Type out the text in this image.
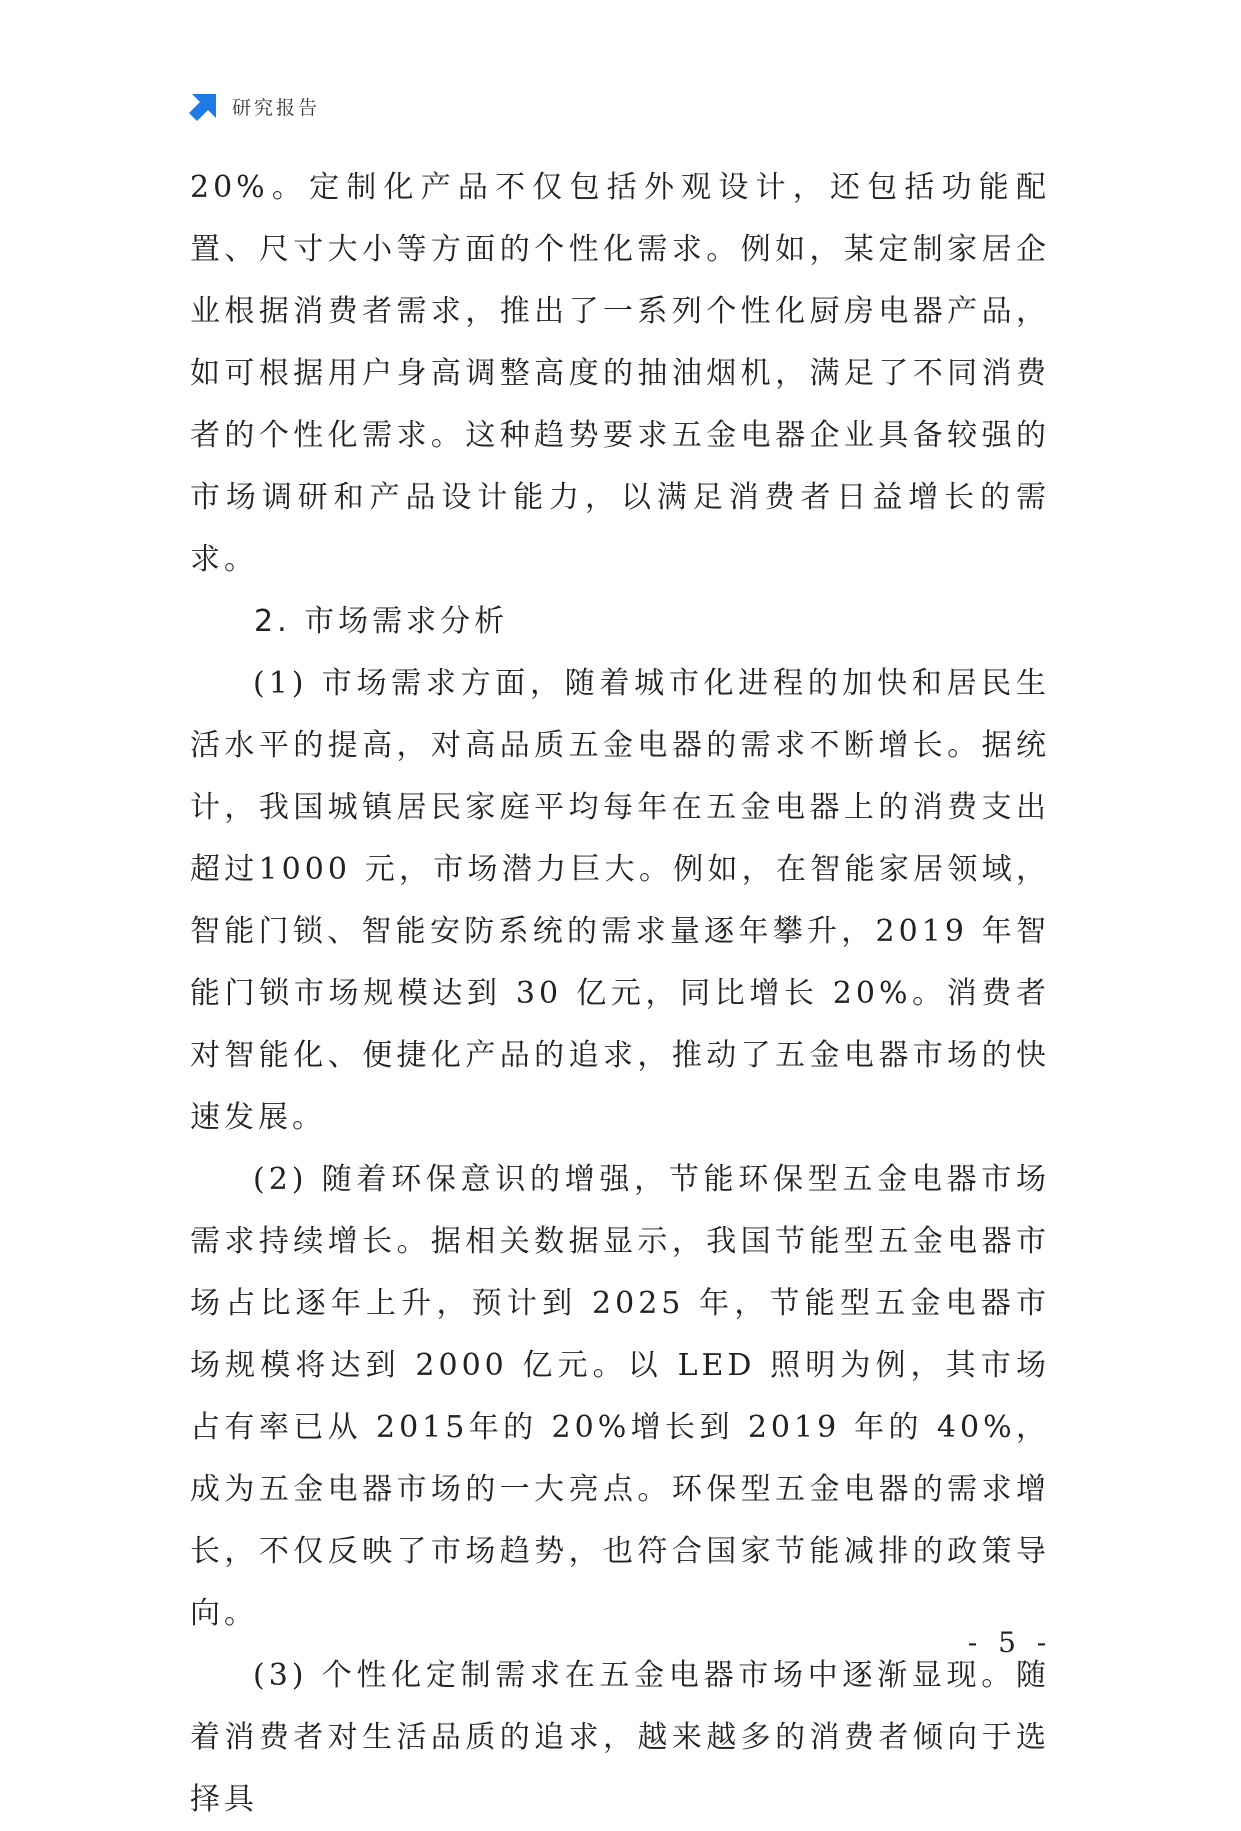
研究报告

20%。定制化产品不仅包括外观设计，还包括功能配置、尺寸大小等方面的个性化需求。例如，某定制家居企业根据消费者需求，推出了一系列个性化厨房电器产品，如可根据用户身高调整高度的抽油烟机，满足了不同消费者的个性化需求。这种趋势要求五金电器企业具备较强的市场调研和产品设计能力，以满足消费者日益增长的需求。

2. 市场需求分析

(1) 市场需求方面，随着城市化进程的加快和居民生活水平的提高，对高品质五金电器的需求不断增长。据统计，我国城镇居民家庭平均每年在五金电器上的消费支出超过1000 元，市场潜力巨大。例如，在智能家居领域，智能门锁、智能安防系统的需求量逐年攀升，2019 年智能门锁市场规模达到 30 亿元，同比增长 20%。消费者对智能化、便捷化产品的追求，推动了五金电器市场的快速发展。

(2) 随着环保意识的增强，节能环保型五金电器市场需求持续增长。据相关数据显示，我国节能型五金电器市场占比逐年上升，预计到 2025 年，节能型五金电器市场规模将达到 2000 亿元。以 LED 照明为例，其市场占有率已从 2015年的 20%增长到 2019 年的 40%，成为五金电器市场的一大亮点。环保型五金电器的需求增长，不仅反映了市场趋势，也符合国家节能减排的政策导向。

(3) 个性化定制需求在五金电器市场中逐渐显现。随着消费者对生活品质的追求，越来越多的消费者倾向于选择具

- 5 -
